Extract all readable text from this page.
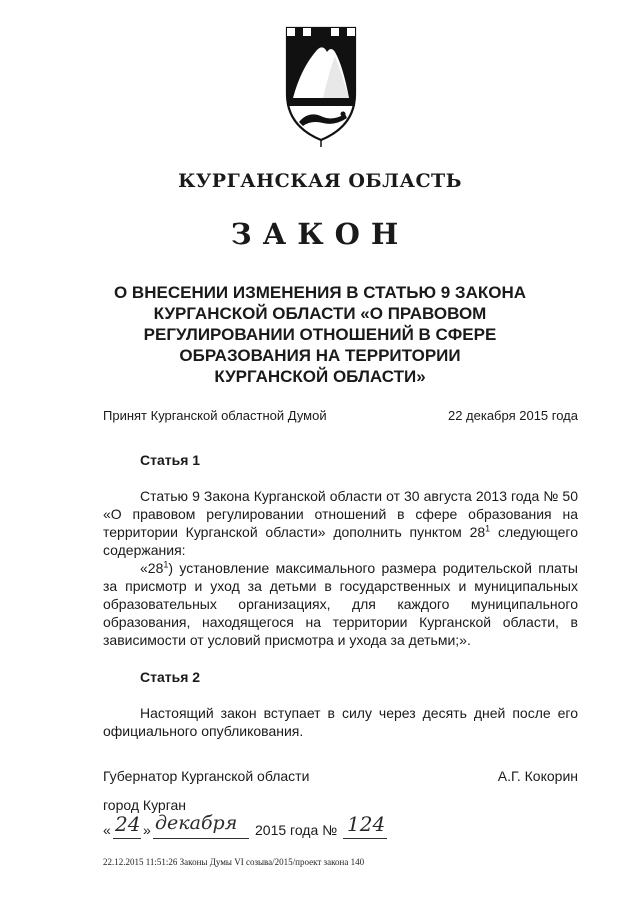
КУРГАНСКАЯ ОБЛАСТЬ
ЗАКОН
О ВНЕСЕНИИ ИЗМЕНЕНИЯ В СТАТЬЮ 9 ЗАКОНА
КУРГАНСКОЙ ОБЛАСТИ «О ПРАВОВОМ
РЕГУЛИРОВАНИИ ОТНОШЕНИЙ В СФЕРЕ
ОБРАЗОВАНИЯ НА ТЕРРИТОРИИ
КУРГАНСКОЙ ОБЛАСТИ»
Принят Курганской областной Думой	22 декабря 2015 года
Статья 1
Статью 9 Закона Курганской области от 30 августа 2013 года № 50 «О правовом регулировании отношений в сфере образования на территории Курганской области» дополнить пунктом $28^1$ следующего содержания:
«$28^1$) установление максимального размера родительской платы за присмотр и уход за детьми в государственных и муниципальных образовательных организациях, для каждого муниципального образования, находящегося на территории Курганской области, в зависимости от условий присмотра и ухода за детьми;».
Статья 2
Настоящий закон вступает в силу через десять дней после его официального опубликования.
Губернатор Курганской области	А.Г. Кокорин
город Курган
« 24 » декабря 2015 года № 124
22.12.2015 11:51:26 Законы Думы VI созыва/2015/проект закона 140
